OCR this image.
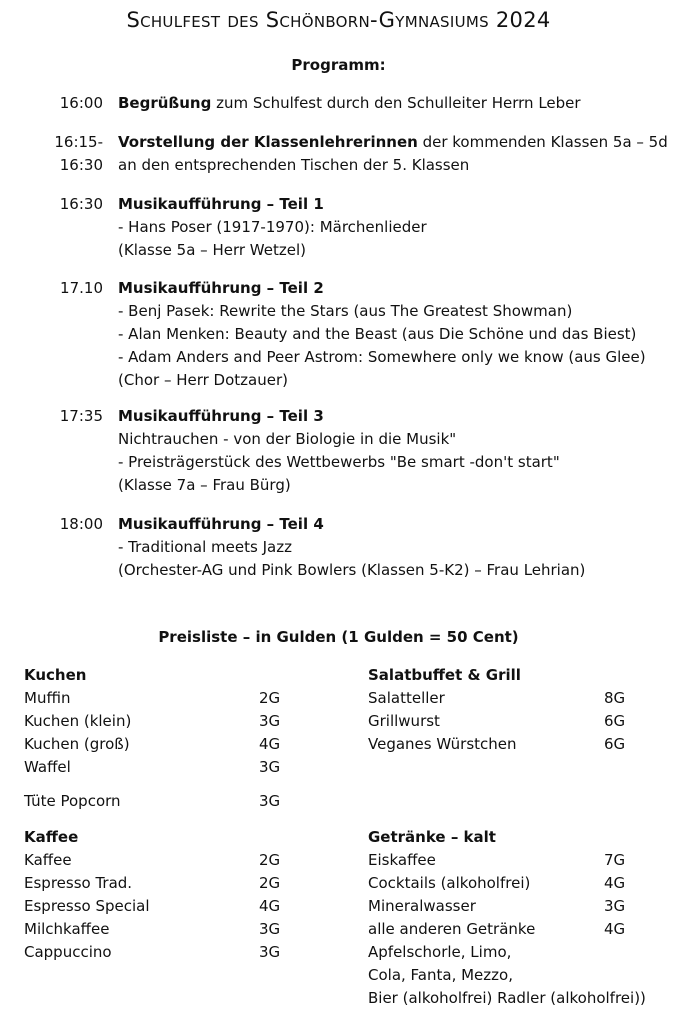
Schulfest des Schönborn-Gymnasiums 2024
Programm:
16:00 Begrüßung zum Schulfest durch den Schulleiter Herrn Leber
16:15-
16:30
Vorstellung der Klassenlehrerinnen der kommenden Klassen 5a – 5d
an den entsprechenden Tischen der 5. Klassen
16:30 Musikaufführung – Teil 1
- Hans Poser (1917-1970): Märchenlieder
(Klasse 5a – Herr Wetzel)
17.10 Musikaufführung – Teil 2
- Benj Pasek: Rewrite the Stars (aus The Greatest Showman)
- Alan Menken: Beauty and the Beast (aus Die Schöne und das Biest)
- Adam Anders and Peer Astrom: Somewhere only we know (aus Glee)
(Chor – Herr Dotzauer)
17:35 Musikaufführung – Teil 3
Nichtrauchen - von der Biologie in die Musik"
- Preisträgerstück des Wettbewerbs "Be smart -don't start"
(Klasse 7a – Frau Bürg)
18:00 Musikaufführung – Teil 4
- Traditional meets Jazz
(Orchester-AG und Pink Bowlers (Klassen 5-K2) – Frau Lehrian)
Preisliste – in Gulden (1 Gulden = 50 Cent)
Kuchen
Muffin	2G
Kuchen (klein)	3G
Kuchen (groß)	4G
Waffel	3G
Tüte Popcorn	3G
Kaffee
Kaffee	2G
Espresso Trad.	2G
Espresso Special	4G
Milchkaffee	3G
Cappuccino	3G
Salatbuffet & Grill
Salatteller	8G
Grillwurst	6G
Veganes Würstchen	6G
Getränke – kalt
Eiskaffee	7G
Cocktails (alkoholfrei)	4G
Mineralwasser	3G
alle anderen Getränke	4G
Apfelschorle, Limo,
Cola, Fanta, Mezzo,
Bier (alkoholfrei) Radler (alkoholfrei))
